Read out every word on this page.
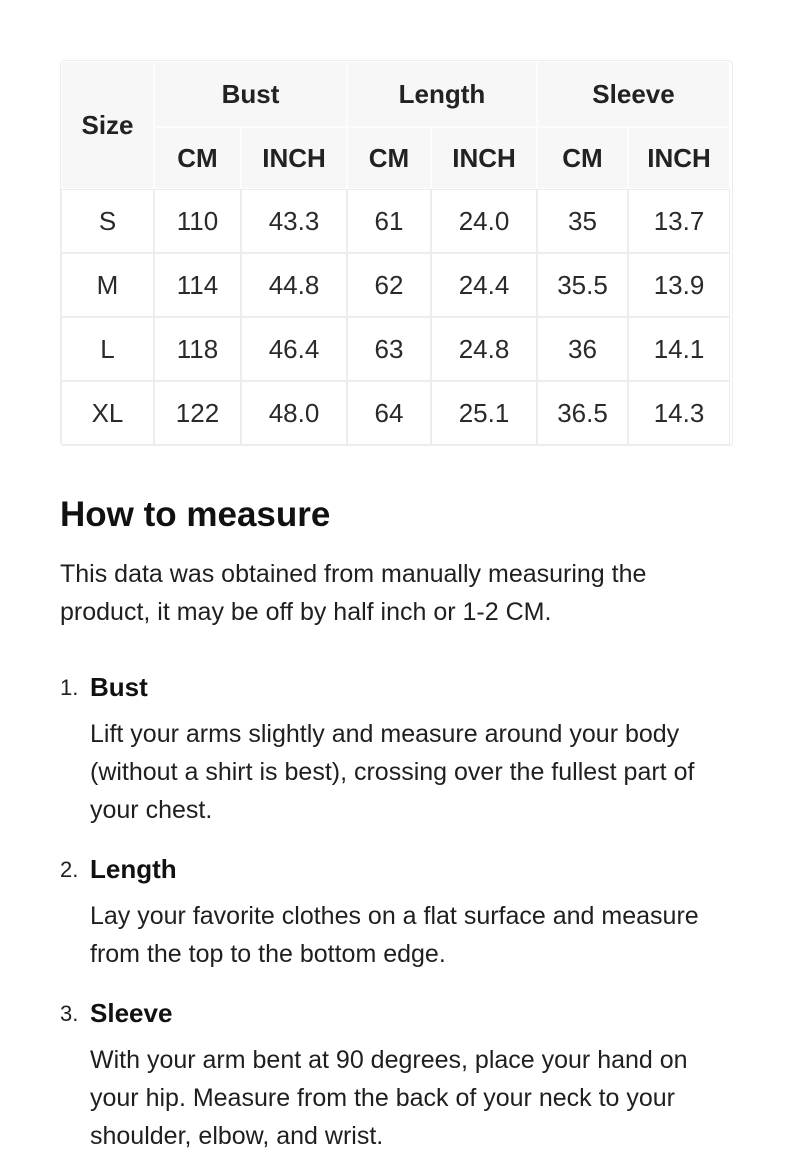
Size	Bust		Length		Sleeve	
	CM	INCH	CM	INCH	CM	INCH
S	110	43.3	61	24.0	35	13.7
M	114	44.8	62	24.4	35.5	13.9
L	118	46.4	63	24.8	36	14.1
XL	122	48.0	64	25.1	36.5	14.3
How to measure

This data was obtained from manually measuring the product, it may be off by half inch or 1-2 CM.

1. Bust

Lift your arms slightly and measure around your body (without a shirt is best), crossing over the fullest part of your chest.

2. Length

Lay your favorite clothes on a flat surface and measure from the top to the bottom edge.

3. Sleeve

With your arm bent at 90 degrees, place your hand on your hip. Measure from the back of your neck to your shoulder, elbow, and wrist.
